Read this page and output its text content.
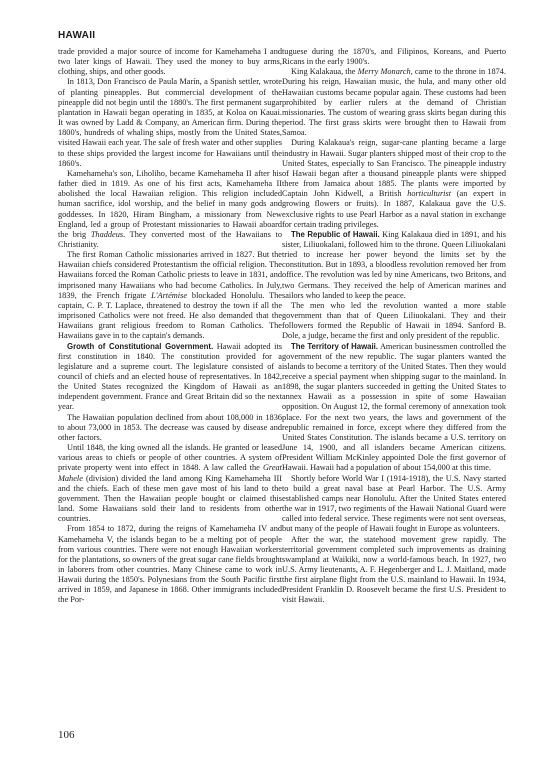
HAWAII

trade provided a major source of income for Kamehameha I and two later kings of Hawaii. They used the money to buy arms, clothing, ships, and other goods.

In 1813, Don Francisco de Paula Marín, a Spanish settler, wrote of planting pineapples. But commercial development of the pineapple did not begin until the 1880's. The first permanent sugar plantation in Hawaii began operating in 1835, at Koloa on Kauai. It was owned by Ladd & Company, an American firm. During the 1800's, hundreds of whaling ships, mostly from the United States, visited Hawaii each year. The sale of fresh water and other supplies to these ships provided the largest income for Hawaiians until the 1860's.

Kamehameha's son, Liholiho, became Kamehameha II after his father died in 1819. As one of his first acts, Kamehameha II abolished the local Hawaiian religion. This religion included human sacrifice, idol worship, and the belief in many gods and goddesses. In 1820, Hiram Bingham, a missionary from New England, led a group of Protestant missionaries to Hawaii aboard the brig Thaddeus. They converted most of the Hawaiians to Christianity.

The first Roman Catholic missionaries arrived in 1827. But the Hawaiian chiefs considered Protestantism the official religion. The Hawaiians forced the Roman Catholic priests to leave in 1831, and imprisoned many Hawaiians who had become Catholics. In July, 1839, the French frigate L'Artémise blockaded Honolulu. The captain, C. P. T. Laplace, threatened to destroy the town if all the imprisoned Catholics were not freed. He also demanded that the Hawaiians grant religious freedom to Roman Catholics. The Hawaiians gave in to the captain's demands.

Growth of Constitutional Government. Hawaii adopted its first constitution in 1840. The constitution provided for a legislature and a supreme court. The legislature consisted of a council of chiefs and an elected house of representatives. In 1842, the United States recognized the Kingdom of Hawaii as an independent government. France and Great Britain did so the next year.

The Hawaiian population declined from about 108,000 in 1836 to about 73,000 in 1853. The decrease was caused by disease and other factors.

Until 1848, the king owned all the islands. He granted or leased various areas to chiefs or people of other countries. A system of private property went into effect in 1848. A law called the Great Mahele (division) divided the land among King Kamehameha III and the chiefs. Each of these men gave most of his land to the government. Then the Hawaiian people bought or claimed this land. Some Hawaiians sold their land to residents from other countries.

From 1854 to 1872, during the reigns of Kamehameha IV and Kamehameha V, the islands began to be a melting pot of people from various countries. There were not enough Hawaiian workers for the plantations, so owners of the great sugar cane fields brought in laborers from other countries. Many Chinese came to work in Hawaii during the 1850's. Polynesians from the South Pacific first arrived in 1859, and Japanese in 1868. Other immigrants included the Por-

tuguese during the 1870's, and Filipinos, Koreans, and Puerto Ricans in the early 1900's.

King Kalakaua, the Merry Monarch, came to the throne in 1874. During his reign, Hawaiian music, the hula, and many other old Hawaiian customs became popular again. These customs had been prohibited by earlier rulers at the demand of Christian missionaries. The custom of wearing grass skirts began during this period. The first grass skirts were brought then to Hawaii from Samoa.

During Kalakaua's reign, sugar-cane planting became a large industry in Hawaii. Sugar planters shipped most of their crop to the United States, especially to San Francisco. The pineapple industry of Hawaii began after a thousand pineapple plants were shipped there from Jamaica about 1885. The plants were imported by Captain John Kidwell, a British horticulturist (an expert in growing flowers or fruits). In 1887, Kalakaua gave the U.S. exclusive rights to use Pearl Harbor as a naval station in exchange for certain trading privileges.

The Republic of Hawaii. King Kalakaua died in 1891, and his sister, Liliuokalani, followed him to the throne. Queen Liliuokalani tried to increase her power beyond the limits set by the constitution. But in 1893, a bloodless revolution removed her from office. The revolution was led by nine Americans, two Britons, and two Germans. They received the help of American marines and sailors who landed to keep the peace.

The men who led the revolution wanted a more stable government than that of Queen Liliuokalani. They and their followers formed the Republic of Hawaii in 1894. Sanford B. Dole, a judge, became the first and only president of the republic.

The Territory of Hawaii. American businessmen controlled the government of the new republic. The sugar planters wanted the islands to become a territory of the United States. Then they would receive a special payment when shipping sugar to the mainland. In 1898, the sugar planters succeeded in getting the United States to annex Hawaii as a possession in spite of some Hawaiian opposition. On August 12, the formal ceremony of annexation took place. For the next two years, the laws and government of the republic remained in force, except where they differed from the United States Constitution. The islands became a U.S. territory on June 14, 1900, and all islanders became American citizens. President William McKinley appointed Dole the first governor of Hawaii. Hawaii had a population of about 154,000 at this time.

Shortly before World War I (1914-1918), the U.S. Navy started to build a great naval base at Pearl Harbor. The U.S. Army established camps near Honolulu. After the United States entered the war in 1917, two regiments of the Hawaii National Guard were called into federal service. These regiments were not sent overseas, but many of the people of Hawaii fought in Europe as volunteers.

After the war, the statehood movement grew rapidly. The territorial government completed such improvements as draining swampland at Waikiki, now a world-famous beach. In 1927, two U.S. Army lieutenants, A. F. Hegenberger and L. J. Maitland, made the first airplane flight from the U.S. mainland to Hawaii. In 1934, President Franklin D. Roosevelt became the first U.S. President to visit Hawaii.

106
